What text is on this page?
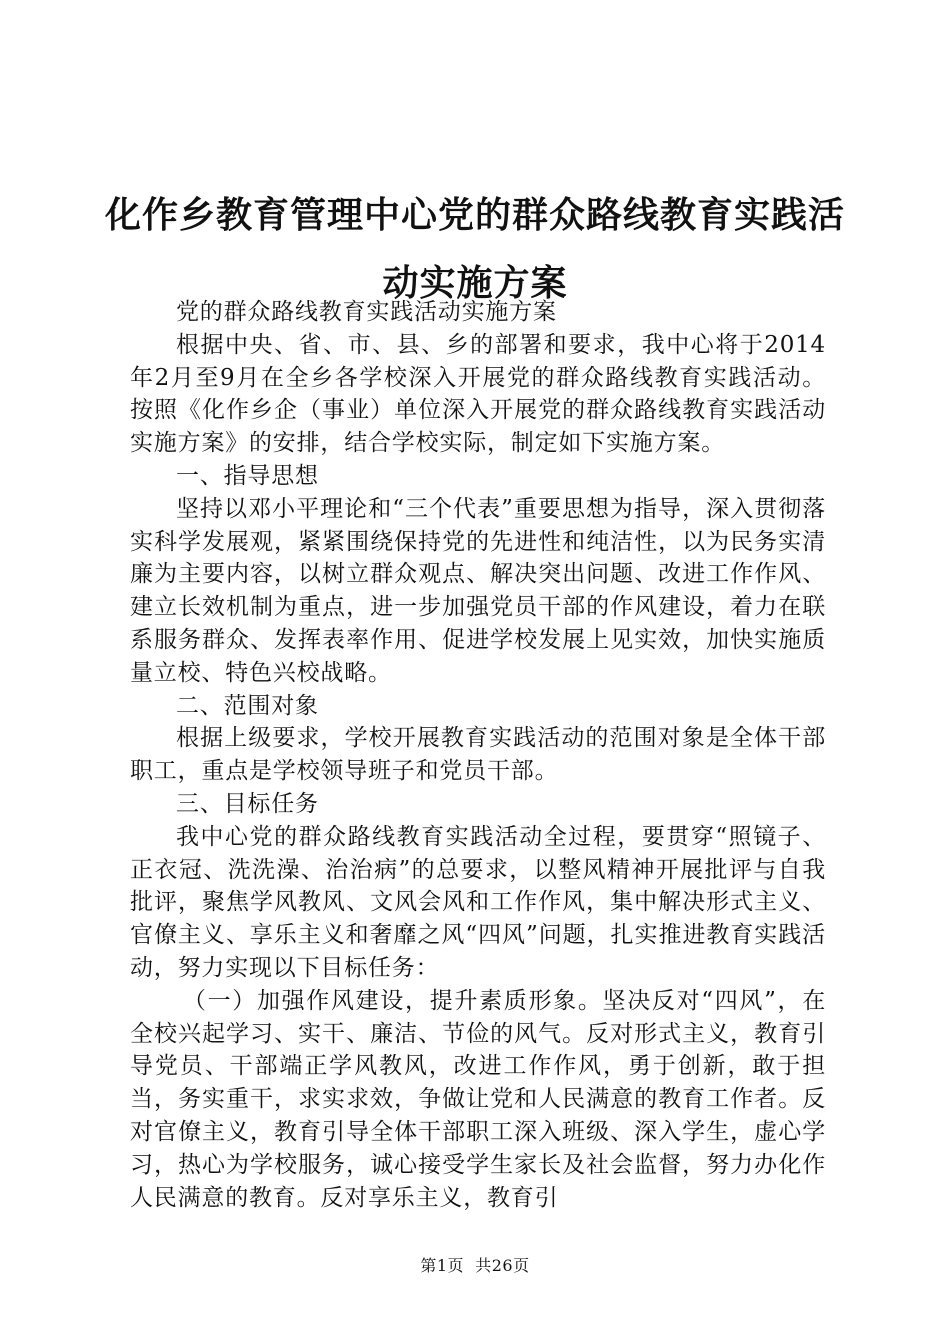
化作乡教育管理中心党的群众路线教育实践活动实施方案

党的群众路线教育实践活动实施方案

根据中央、省、市、县、乡的部署和要求，我中心将于2014年2月至9月在全乡各学校深入开展党的群众路线教育实践活动。按照《化作乡企（事业）单位深入开展党的群众路线教育实践活动实施方案》的安排，结合学校实际，制定如下实施方案。

一、指导思想

坚持以邓小平理论和“三个代表”重要思想为指导，深入贯彻落实科学发展观，紧紧围绕保持党的先进性和纯洁性，以为民务实清廉为主要内容，以树立群众观点、解决突出问题、改进工作作风、建立长效机制为重点，进一步加强党员干部的作风建设，着力在联系服务群众、发挥表率作用、促进学校发展上见实效，加快实施质量立校、特色兴校战略。

二、范围对象

根据上级要求，学校开展教育实践活动的范围对象是全体干部职工，重点是学校领导班子和党员干部。

三、目标任务

我中心党的群众路线教育实践活动全过程，要贯穿“照镜子、正衣冠、洗洗澡、治治病”的总要求，以整风精神开展批评与自我批评，聚焦学风教风、文风会风和工作作风，集中解决形式主义、官僚主义、享乐主义和奢靡之风“四风”问题，扎实推进教育实践活动，努力实现以下目标任务：

（一）加强作风建设，提升素质形象。坚决反对“四风”，在全校兴起学习、实干、廉洁、节俭的风气。反对形式主义，教育引导党员、干部端正学风教风，改进工作作风，勇于创新，敢于担当，务实重干，求实求效，争做让党和人民满意的教育工作者。反对官僚主义，教育引导全体干部职工深入班级、深入学生，虚心学习，热心为学校服务，诚心接受学生家长及社会监督，努力办化作人民满意的教育。反对享乐主义，教育引

第1页 共26页
